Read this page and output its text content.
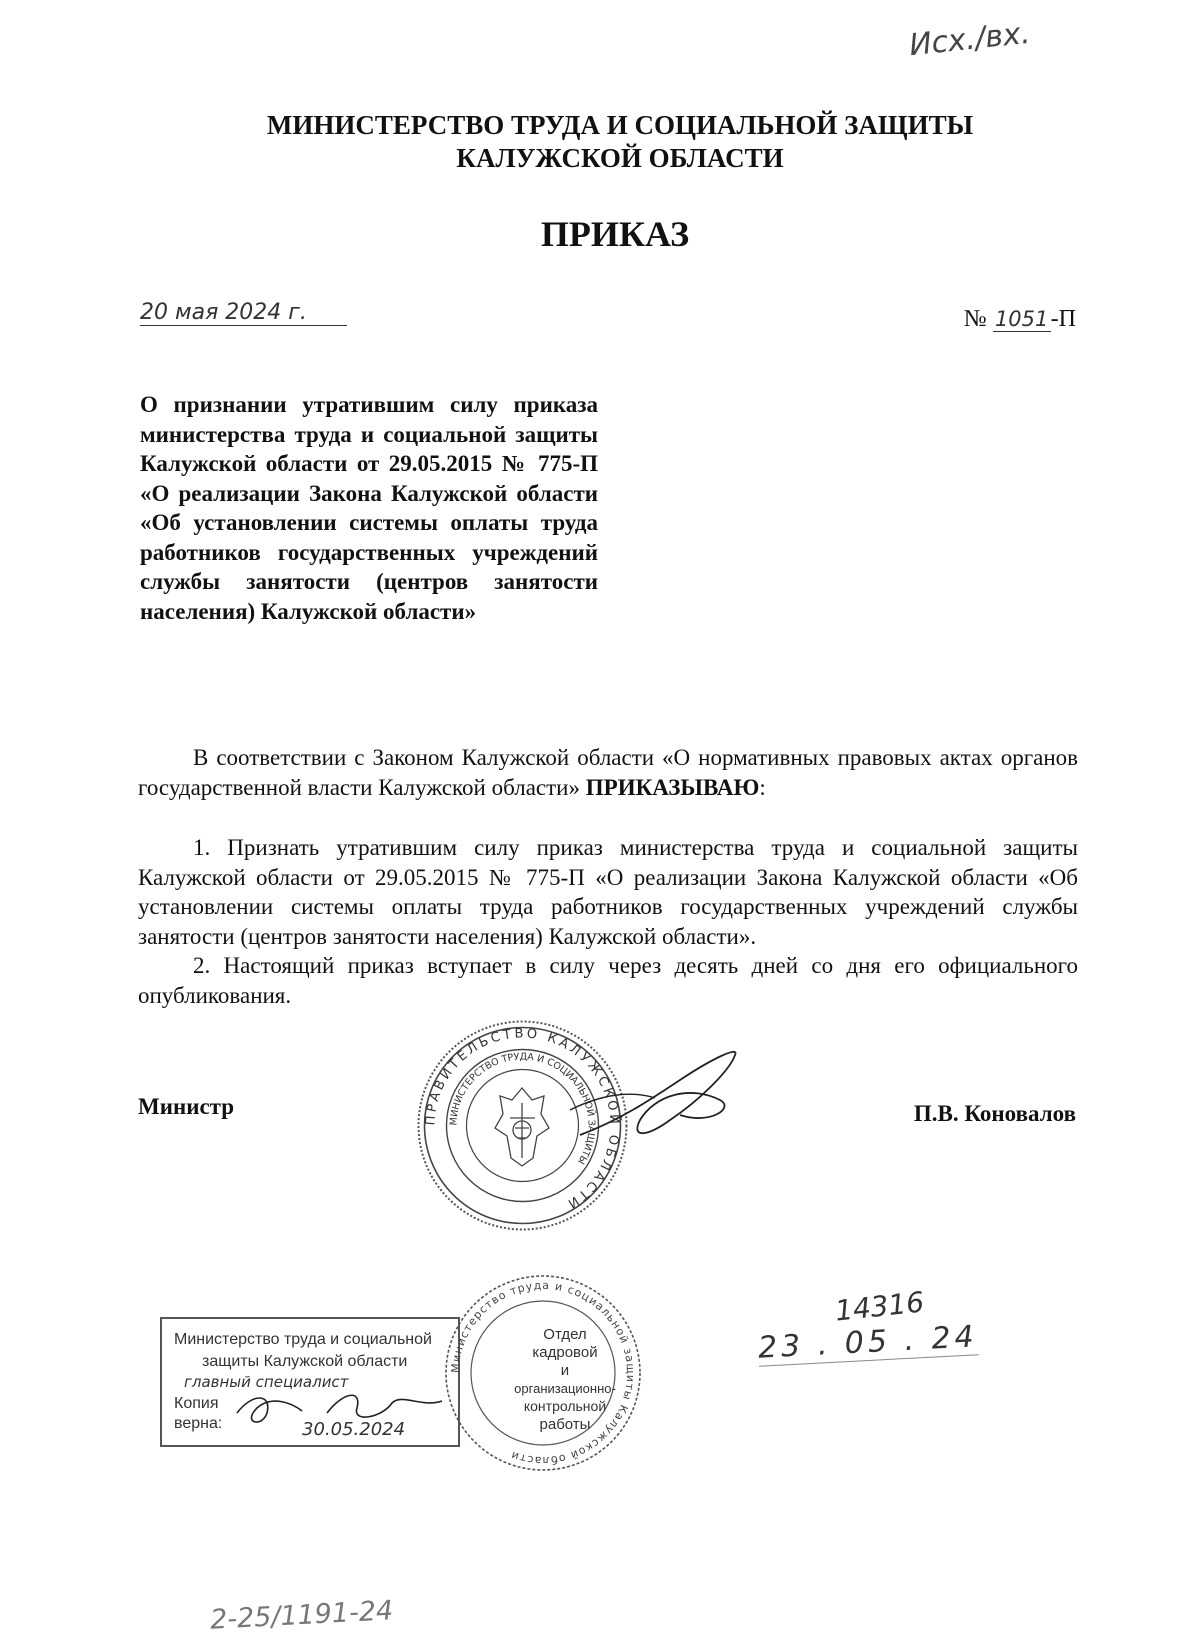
Исх./вх.
МИНИСТЕРСТВО ТРУДА И СОЦИАЛЬНОЙ ЗАЩИТЫ
КАЛУЖСКОЙ ОБЛАСТИ
ПРИКАЗ
20 мая 2024 г.	№ 1051-П
О признании утратившим силу приказа министерства труда и социальной защиты Калужской области от 29.05.2015 № 775-П «О реализации Закона Калужской области «Об установлении системы оплаты труда работников государственных учреждений службы занятости (центров занятости населения) Калужской области»
В соответствии с Законом Калужской области «О нормативных правовых актах органов государственной власти Калужской области» ПРИКАЗЫВАЮ:
1. Признать утратившим силу приказ министерства труда и социальной защиты Калужской области от 29.05.2015 № 775-П «О реализации Закона Калужской области «Об установлении системы оплаты труда работников государственных учреждений службы занятости (центров занятости населения) Калужской области».
2. Настоящий приказ вступает в силу через десять дней со дня его официального опубликования.
ПРАВИТЕЛЬСТВО КАЛУЖСКОЙ ОБЛАСТИ
МИНИСТЕРСТВО ТРУДА И СОЦИАЛЬНОЙ ЗАЩИТЫ
Министр	П.В. Коновалов
Министерство труда и социальной
защиты Калужской области
главный специалист
Копия
верна:	30.05.2024
Министерство труда и социальной защиты Калужской области
Отдел
кадровой
и
организационно-
контрольной
работы
14316
23 . 05 . 24
2-25/1191-24
